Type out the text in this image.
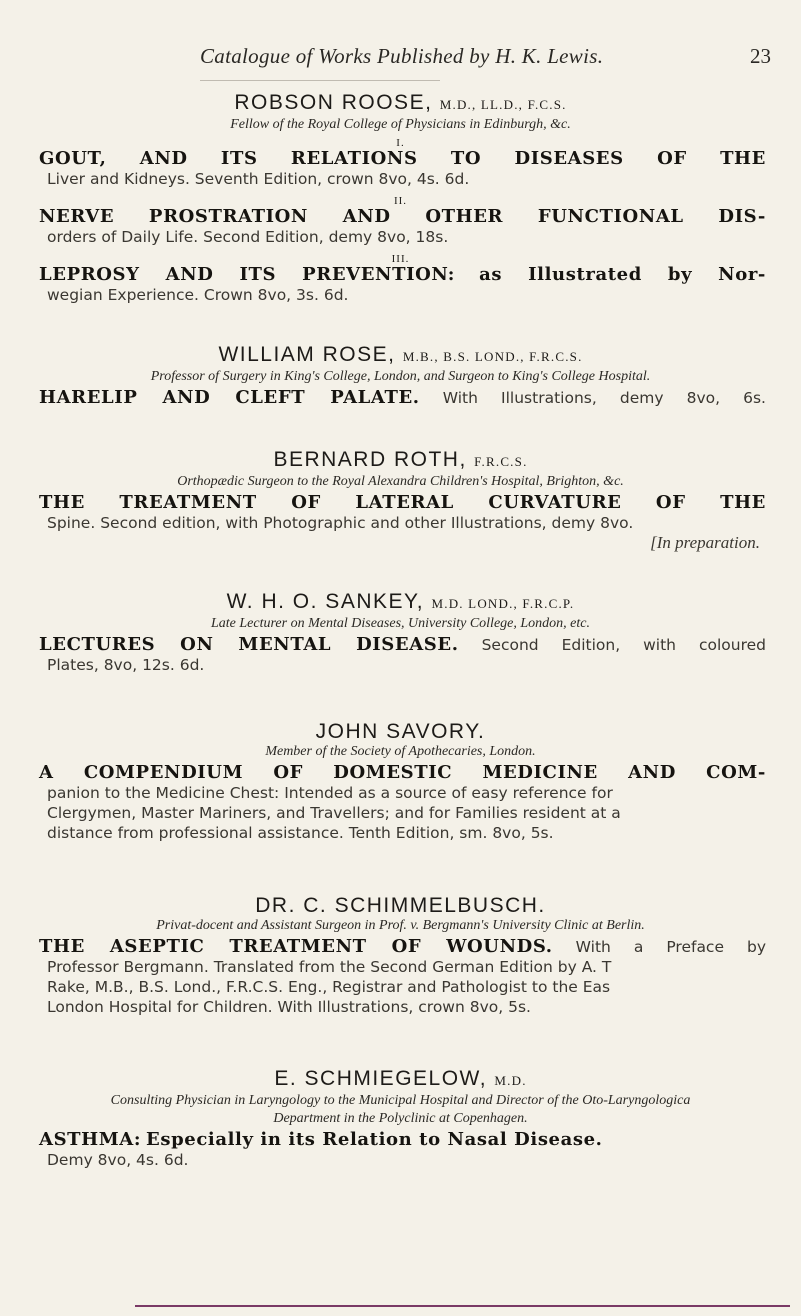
Catalogue of Works Published by H. K. Lewis.	23
ROBSON ROOSE, M.D., LL.D., F.C.S.
Fellow of the Royal College of Physicians in Edinburgh, &c.
I.
GOUT, AND ITS RELATIONS TO DISEASES OF THE
Liver and Kidneys. Seventh Edition, crown 8vo, 4s. 6d.
II.
NERVE PROSTRATION AND OTHER FUNCTIONAL DIS-
orders of Daily Life. Second Edition, demy 8vo, 18s.
III.
LEPROSY AND ITS PREVENTION: as Illustrated by Nor-
wegian Experience. Crown 8vo, 3s. 6d.
WILLIAM ROSE, M.B., B.S. LOND., F.R.C.S.
Professor of Surgery in King's College, London, and Surgeon to King's College Hospital.
HARELIP AND CLEFT PALATE. With Illustrations, demy 8vo, 6s.
BERNARD ROTH, F.R.C.S.
Orthopædic Surgeon to the Royal Alexandra Children's Hospital, Brighton, &c.
THE TREATMENT OF LATERAL CURVATURE OF THE
Spine. Second edition, with Photographic and other Illustrations, demy 8vo.
[In preparation.
W. H. O. SANKEY, M.D. LOND., F.R.C.P.
Late Lecturer on Mental Diseases, University College, London, etc.
LECTURES ON MENTAL DISEASE. Second Edition, with coloured
Plates, 8vo, 12s. 6d.
JOHN SAVORY.
Member of the Society of Apothecaries, London.
A COMPENDIUM OF DOMESTIC MEDICINE AND COM-
panion to the Medicine Chest: Intended as a source of easy reference for
Clergymen, Master Mariners, and Travellers; and for Families resident at a
distance from professional assistance. Tenth Edition, sm. 8vo, 5s.
DR. C. SCHIMMELBUSCH.
Privat-docent and Assistant Surgeon in Prof. v. Bergmann's University Clinic at Berlin.
THE ASEPTIC TREATMENT OF WOUNDS. With a Preface by
Professor Bergmann. Translated from the Second German Edition by A. T
Rake, M.B., B.S. Lond., F.R.C.S. Eng., Registrar and Pathologist to the Eas
London Hospital for Children. With Illustrations, crown 8vo, 5s.
E. SCHMIEGELOW, M.D.
Consulting Physician in Laryngology to the Municipal Hospital and Director of the Oto-Laryngologica
Department in the Polyclinic at Copenhagen.
ASTHMA: Especially in its Relation to Nasal Disease.
Demy 8vo, 4s. 6d.
